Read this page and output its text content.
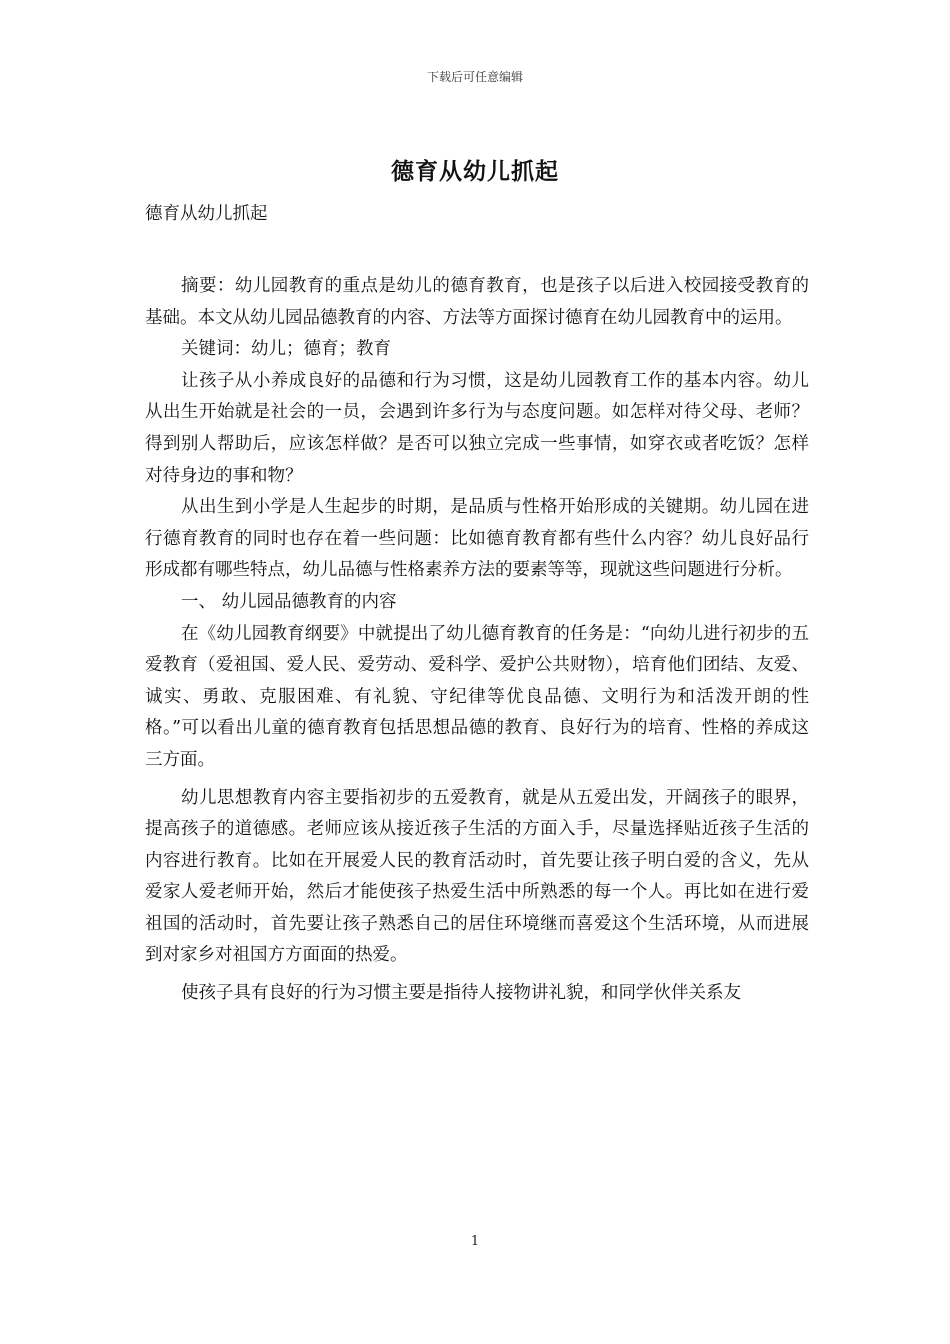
下载后可任意编辑
德育从幼儿抓起

德育从幼儿抓起

摘要：幼儿园教育的重点是幼儿的德育教育，也是孩子以后进入校园接受教育的基础。本文从幼儿园品德教育的内容、方法等方面探讨德育在幼儿园教育中的运用。

关键词：幼儿；德育；教育

让孩子从小养成良好的品德和行为习惯，这是幼儿园教育工作的基本内容。幼儿从出生开始就是社会的一员，会遇到许多行为与态度问题。如怎样对待父母、老师？得到别人帮助后，应该怎样做？是否可以独立完成一些事情，如穿衣或者吃饭？怎样对待身边的事和物？

从出生到小学是人生起步的时期，是品质与性格开始形成的关键期。幼儿园在进行德育教育的同时也存在着一些问题：比如德育教育都有些什么内容？幼儿良好品行形成都有哪些特点，幼儿品德与性格素养方法的要素等等，现就这些问题进行分析。

一、 幼儿园品德教育的内容

在《幼儿园教育纲要》中就提出了幼儿德育教育的任务是：“向幼儿进行初步的五爱教育（爱祖国、爱人民、爱劳动、爱科学、爱护公共财物），培育他们团结、友爱、诚实、勇敢、克服困难、有礼貌、守纪律等优良品德、文明行为和活泼开朗的性格。”可以看出儿童的德育教育包括思想品德的教育、良好行为的培育、性格的养成这三方面。

幼儿思想教育内容主要指初步的五爱教育，就是从五爱出发，开阔孩子的眼界，提高孩子的道德感。老师应该从接近孩子生活的方面入手，尽量选择贴近孩子生活的内容进行教育。比如在开展爱人民的教育活动时，首先要让孩子明白爱的含义，先从爱家人爱老师开始，然后才能使孩子热爱生活中所熟悉的每一个人。再比如在进行爱祖国的活动时，首先要让孩子熟悉自己的居住环境继而喜爱这个生活环境，从而进展到对家乡对祖国方方面面的热爱。

使孩子具有良好的行为习惯主要是指待人接物讲礼貌，和同学伙伴关系友

1
